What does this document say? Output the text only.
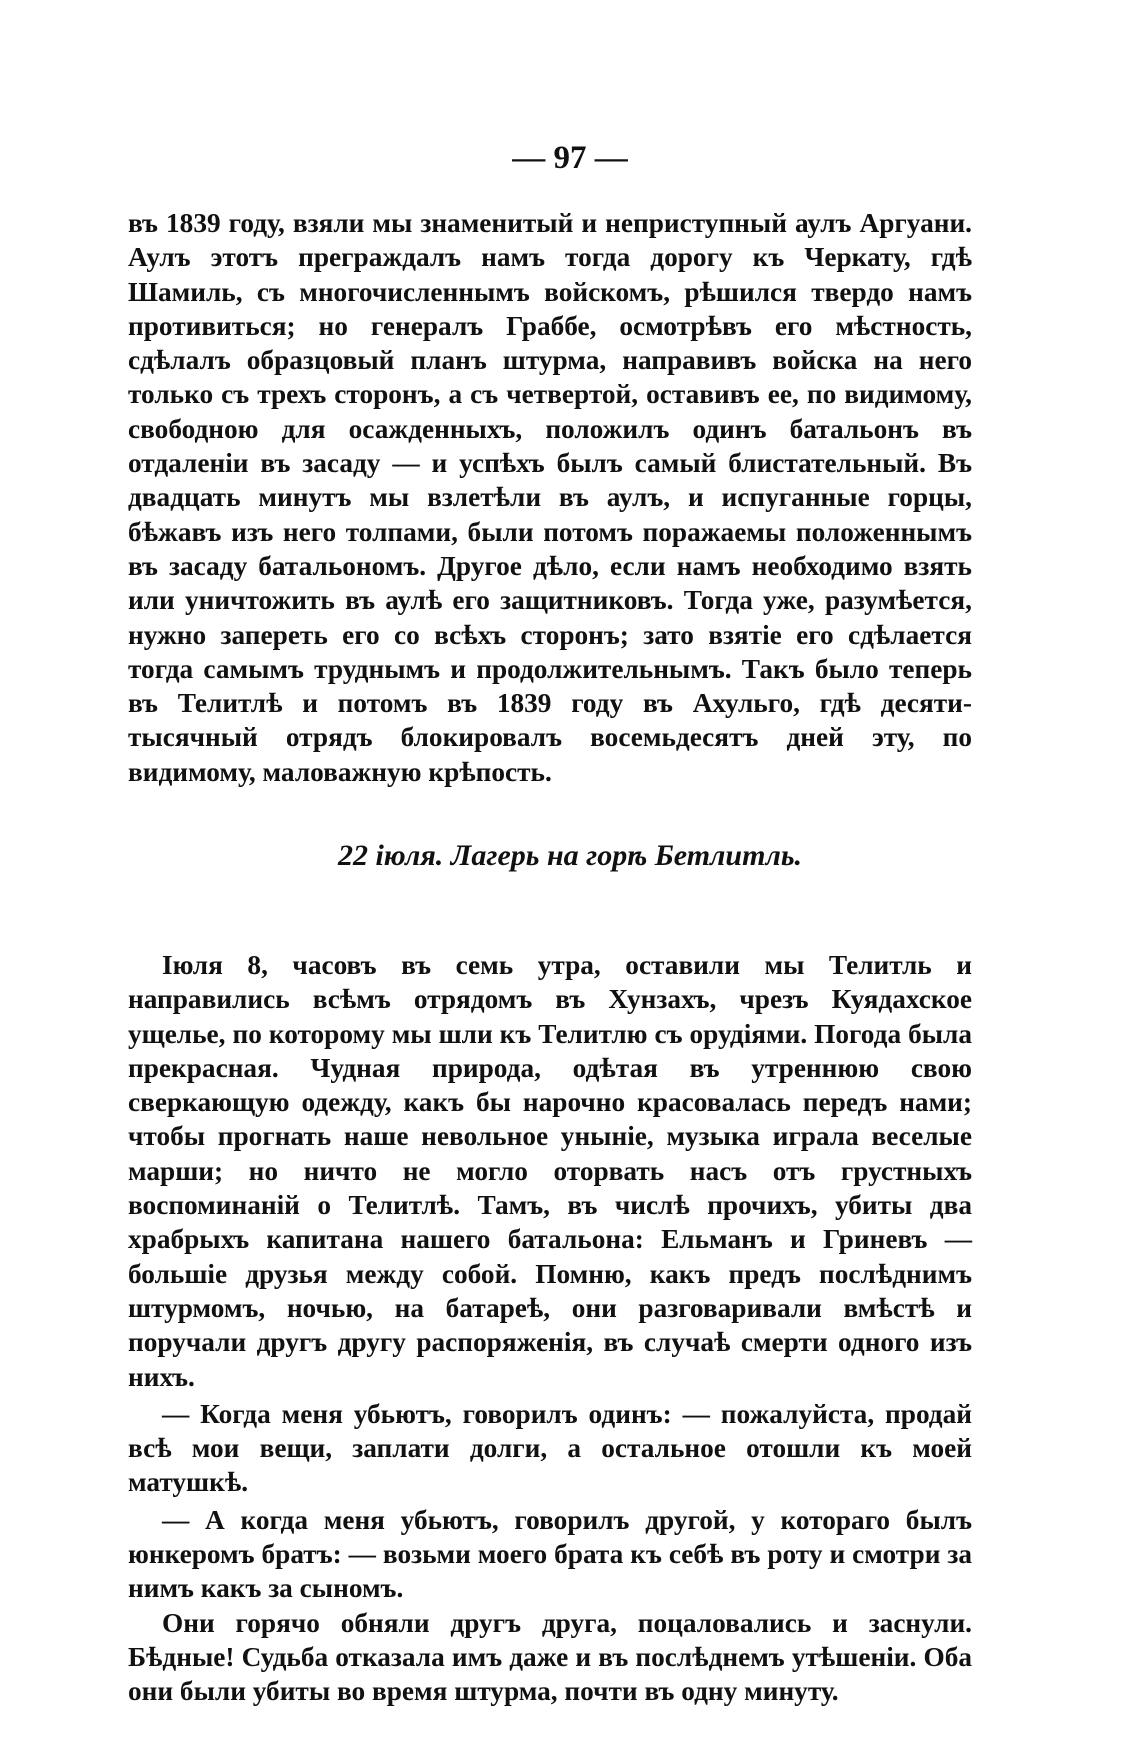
— 97 —

въ 1839 году, взяли мы знаменитый и неприступный аулъ Аргуани. Аулъ этотъ преграждалъ намъ тогда дорогу къ Черкату, гдѣ Шамиль, съ многочисленнымъ войскомъ, рѣшился твердо намъ противиться; но генералъ Граббе, осмотрѣвъ его мѣстность, сдѣлалъ образцовый планъ штурма, направивъ войска на него только съ трехъ сторонъ, а съ четвертой, оставивъ ее, по видимому, свободною для осажденныхъ, положилъ одинъ батальонъ въ отдаленіи въ засаду — и успѣхъ былъ самый блистательный. Въ двадцать минутъ мы взлетѣли въ аулъ, и испуганные горцы, бѣжавъ изъ него толпами, были потомъ поражаемы положеннымъ въ засаду батальономъ. Другое дѣло, если намъ необходимо взять или уничтожить въ аулѣ его защитниковъ. Тогда уже, разумѣется, нужно запереть его со всѣхъ сторонъ; зато взятіе его сдѣлается тогда самымъ труднымъ и продолжительнымъ. Такъ было теперь въ Телитлѣ и потомъ въ 1839 году въ Ахульго, гдѣ десяти-тысячный отрядъ блокировалъ восемьдесятъ дней эту, по видимому, маловажную крѣпость.

22 іюля. Лагерь на горѣ Бетлитль.

Іюля 8, часовъ въ семь утра, оставили мы Телитль и направились всѣмъ отрядомъ въ Хунзахъ, чрезъ Куядахское ущелье, по которому мы шли къ Телитлю съ орудіями. Погода была прекрасная. Чудная природа, одѣтая въ утреннюю свою сверкающую одежду, какъ бы нарочно красовалась передъ нами; чтобы прогнать наше невольное уныніе, музыка играла веселые марши; но ничто не могло оторвать насъ отъ грустныхъ воспоминаній о Телитлѣ. Тамъ, въ числѣ прочихъ, убиты два храбрыхъ капитана нашего батальона: Ельманъ и Гриневъ — большіе друзья между собой. Помню, какъ предъ послѣднимъ штурмомъ, ночью, на батареѣ, они разговаривали вмѣстѣ и поручали другъ другу распоряженія, въ случаѣ смерти одного изъ нихъ.

— Когда меня убьютъ, говорилъ одинъ: — пожалуйста, продай всѣ мои вещи, заплати долги, а остальное отошли къ моей матушкѣ.

— А когда меня убьютъ, говорилъ другой, у котораго былъ юнкеромъ братъ: — возьми моего брата къ себѣ въ роту и смотри за нимъ какъ за сыномъ.

Они горячо обняли другъ друга, поцаловались и заснули. Бѣдные! Судьба отказала имъ даже и въ послѣднемъ утѣшеніи. Оба они были убиты во время штурма, почти въ одну минуту.
